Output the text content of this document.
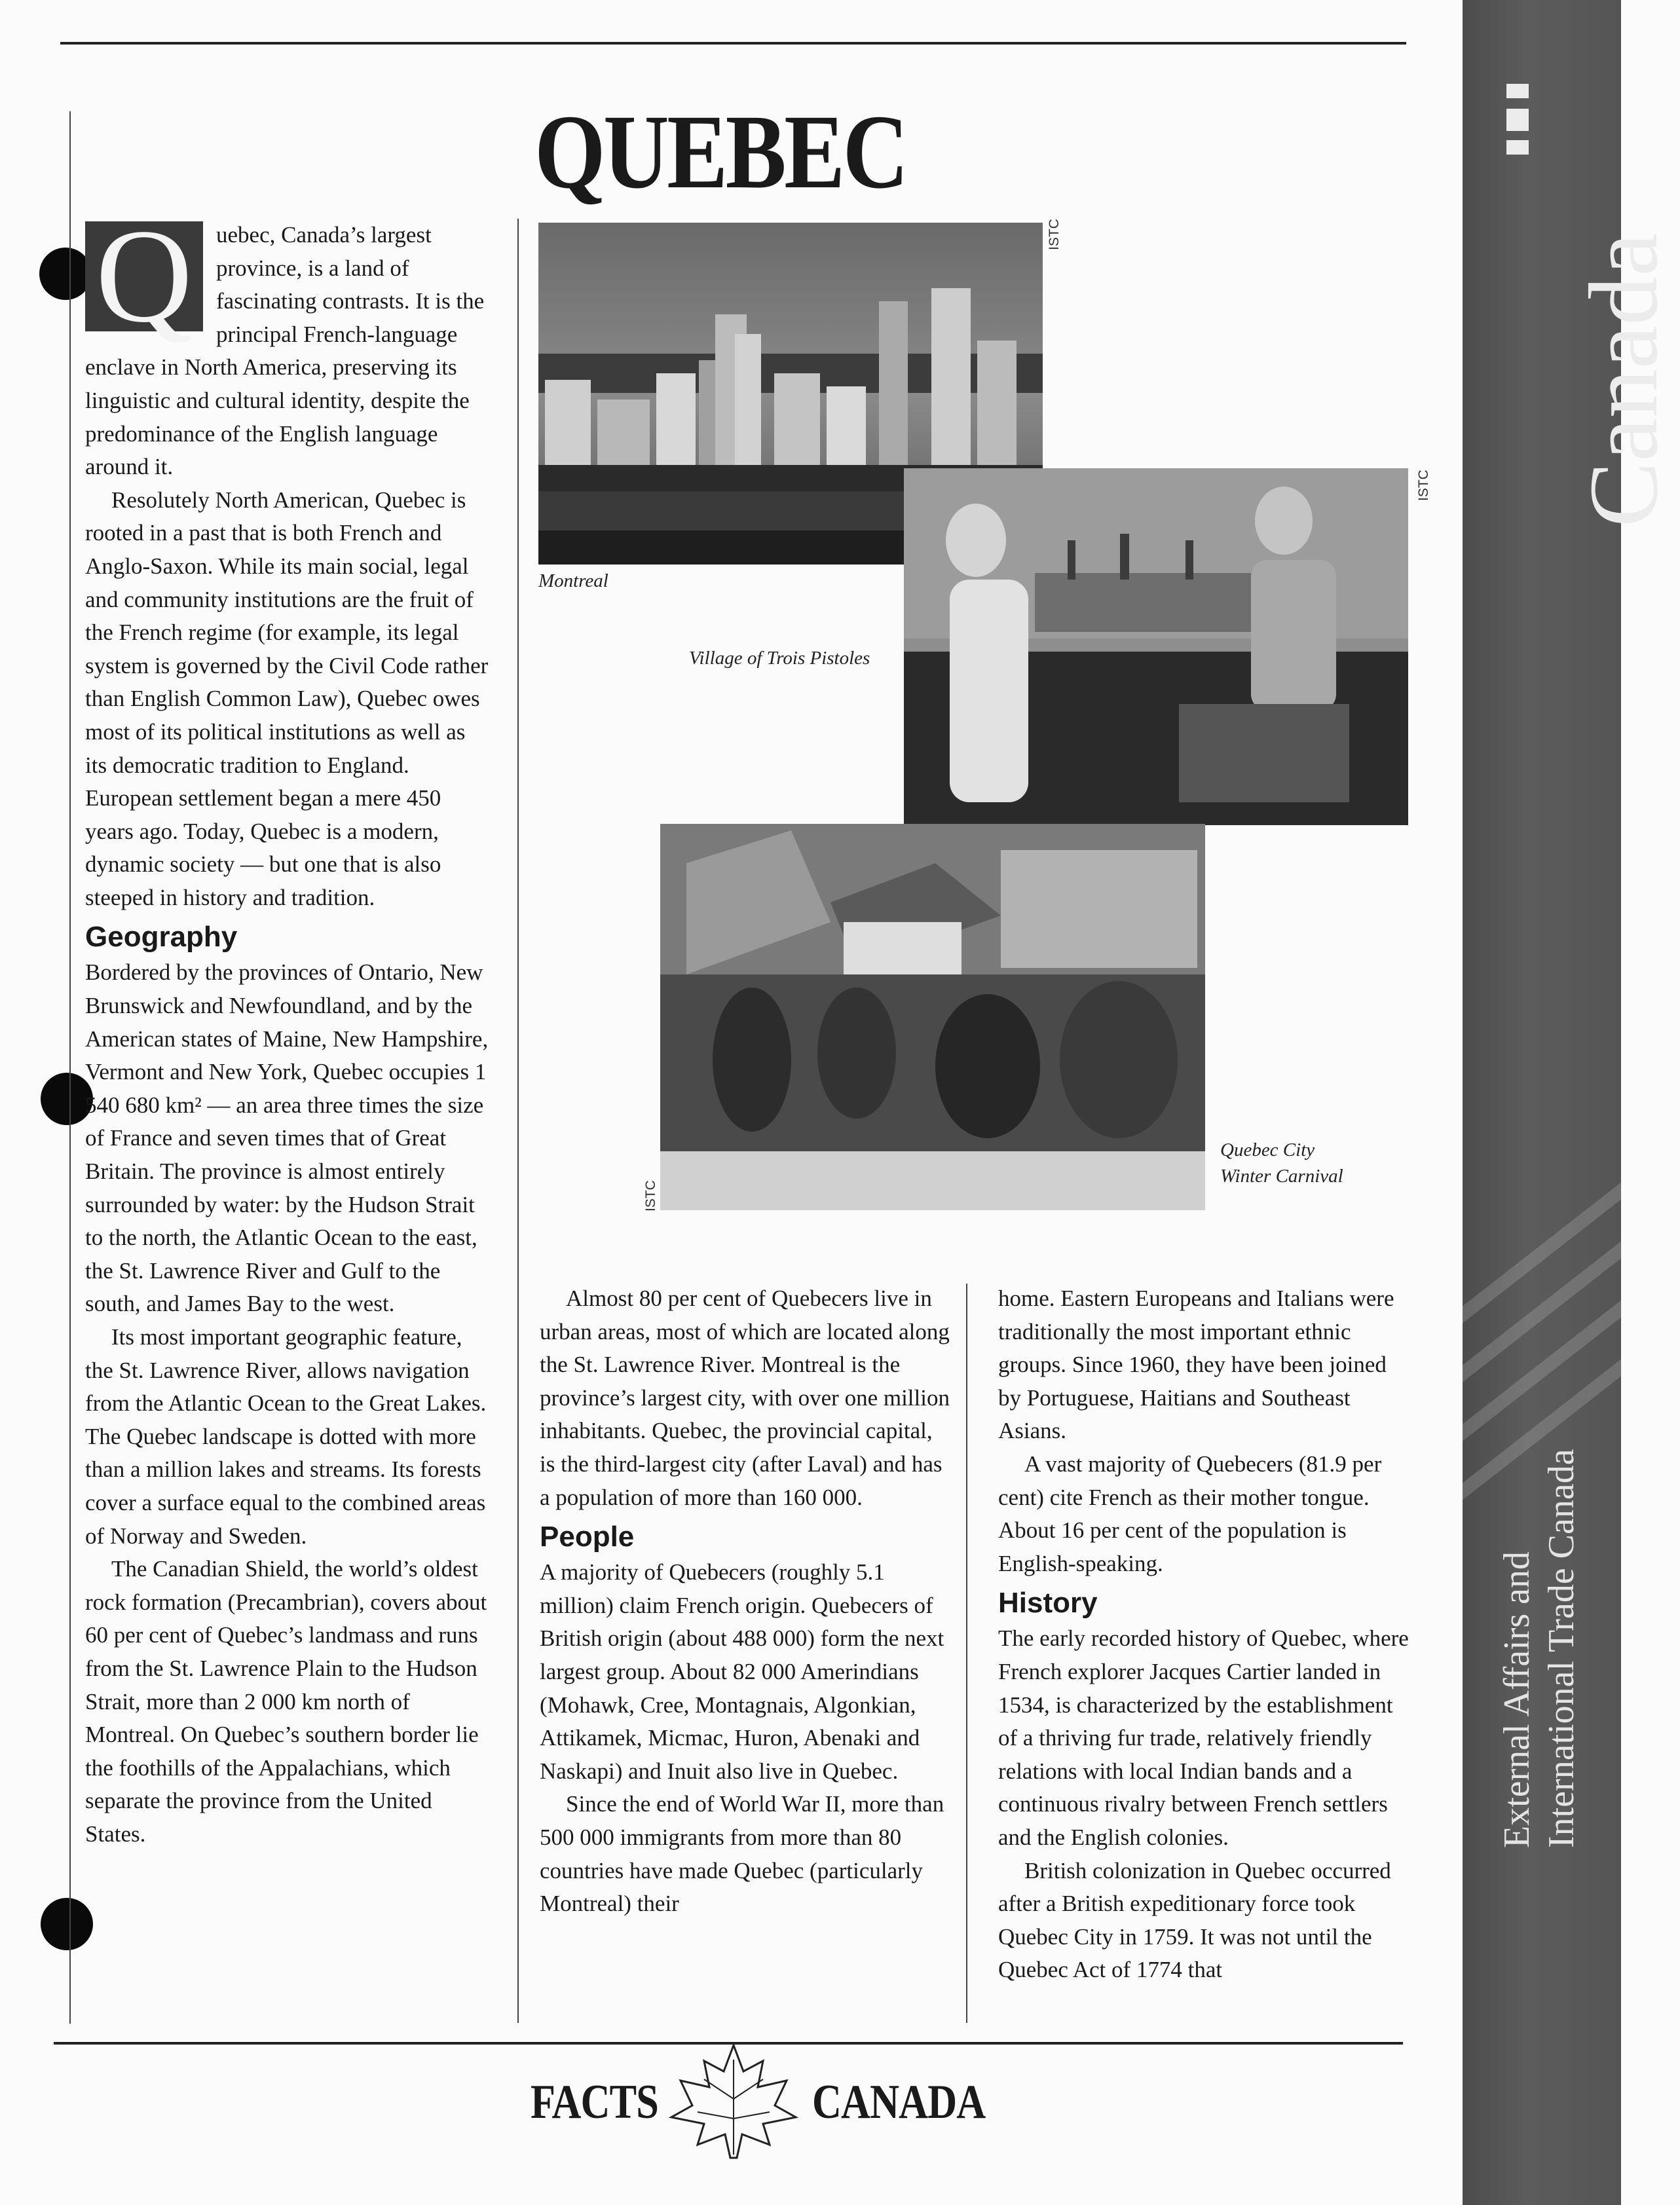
QUEBEC
Q	uebec, Canada’s largest province, is a land of fascinating contrasts. It is the principal French-language enclave in North America, preserving its linguistic and cultural identity, despite the predominance of the English language around it.

Resolutely North American, Quebec is rooted in a past that is both French and Anglo-Saxon. While its main social, legal and community institutions are the fruit of the French regime (for example, its legal system is governed by the Civil Code rather than English Common Law), Quebec owes most of its political institutions as well as its democratic tradition to England. European settlement began a mere 450 years ago. Today, Quebec is a modern, dynamic society — but one that is also steeped in history and tradition.

Geography

Bordered by the provinces of Ontario, New Brunswick and Newfoundland, and by the American states of Maine, New Hampshire, Vermont and New York, Quebec occupies 1 540 680 km² — an area three times the size of France and seven times that of Great Britain. The province is almost entirely surrounded by water: by the Hudson Strait to the north, the Atlantic Ocean to the east, the St. Lawrence River and Gulf to the south, and James Bay to the west.

Its most important geographic feature, the St. Lawrence River, allows navigation from the Atlantic Ocean to the Great Lakes. The Quebec landscape is dotted with more than a million lakes and streams. Its forests cover a surface equal to the combined areas of Norway and Sweden.

The Canadian Shield, the world’s oldest rock formation (Precambrian), covers about 60 per cent of Quebec’s landmass and runs from the St. Lawrence Plain to the Hudson Strait, more than 2 000 km north of Montreal. On Quebec’s southern border lie the foothills of the Appalachians, which separate the province from the United States.

Montreal
ISTC
Village of Trois Pistoles
ISTC
Quebec City
Winter Carnival
ISTC

Almost 80 per cent of Quebecers live in urban areas, most of which are located along the St. Lawrence River. Montreal is the province’s largest city, with over one million inhabitants. Quebec, the provincial capital, is the third-largest city (after Laval) and has a population of more than 160 000.

People

A majority of Quebecers (roughly 5.1 million) claim French origin. Quebecers of British origin (about 488 000) form the next largest group. About 82 000 Amerindians (Mohawk, Cree, Montagnais, Algonkian, Attikamek, Micmac, Huron, Abenaki and Naskapi) and Inuit also live in Quebec.

Since the end of World War II, more than 500 000 immigrants from more than 80 countries have made Quebec (particularly Montreal) their

home. Eastern Europeans and Italians were traditionally the most important ethnic groups. Since 1960, they have been joined by Portuguese, Haitians and Southeast Asians.

A vast majority of Quebecers (81.9 per cent) cite French as their mother tongue. About 16 per cent of the population is English-speaking.

History

The early recorded history of Quebec, where French explorer Jacques Cartier landed in 1534, is characterized by the establishment of a thriving fur trade, relatively friendly relations with local Indian bands and a continuous rivalry between French settlers and the English colonies.

British colonization in Quebec occurred after a British expeditionary force took Quebec City in 1759. It was not until the Quebec Act of 1774 that

FACTS	CANADA
Canada
External Affairs and International Trade Canada
